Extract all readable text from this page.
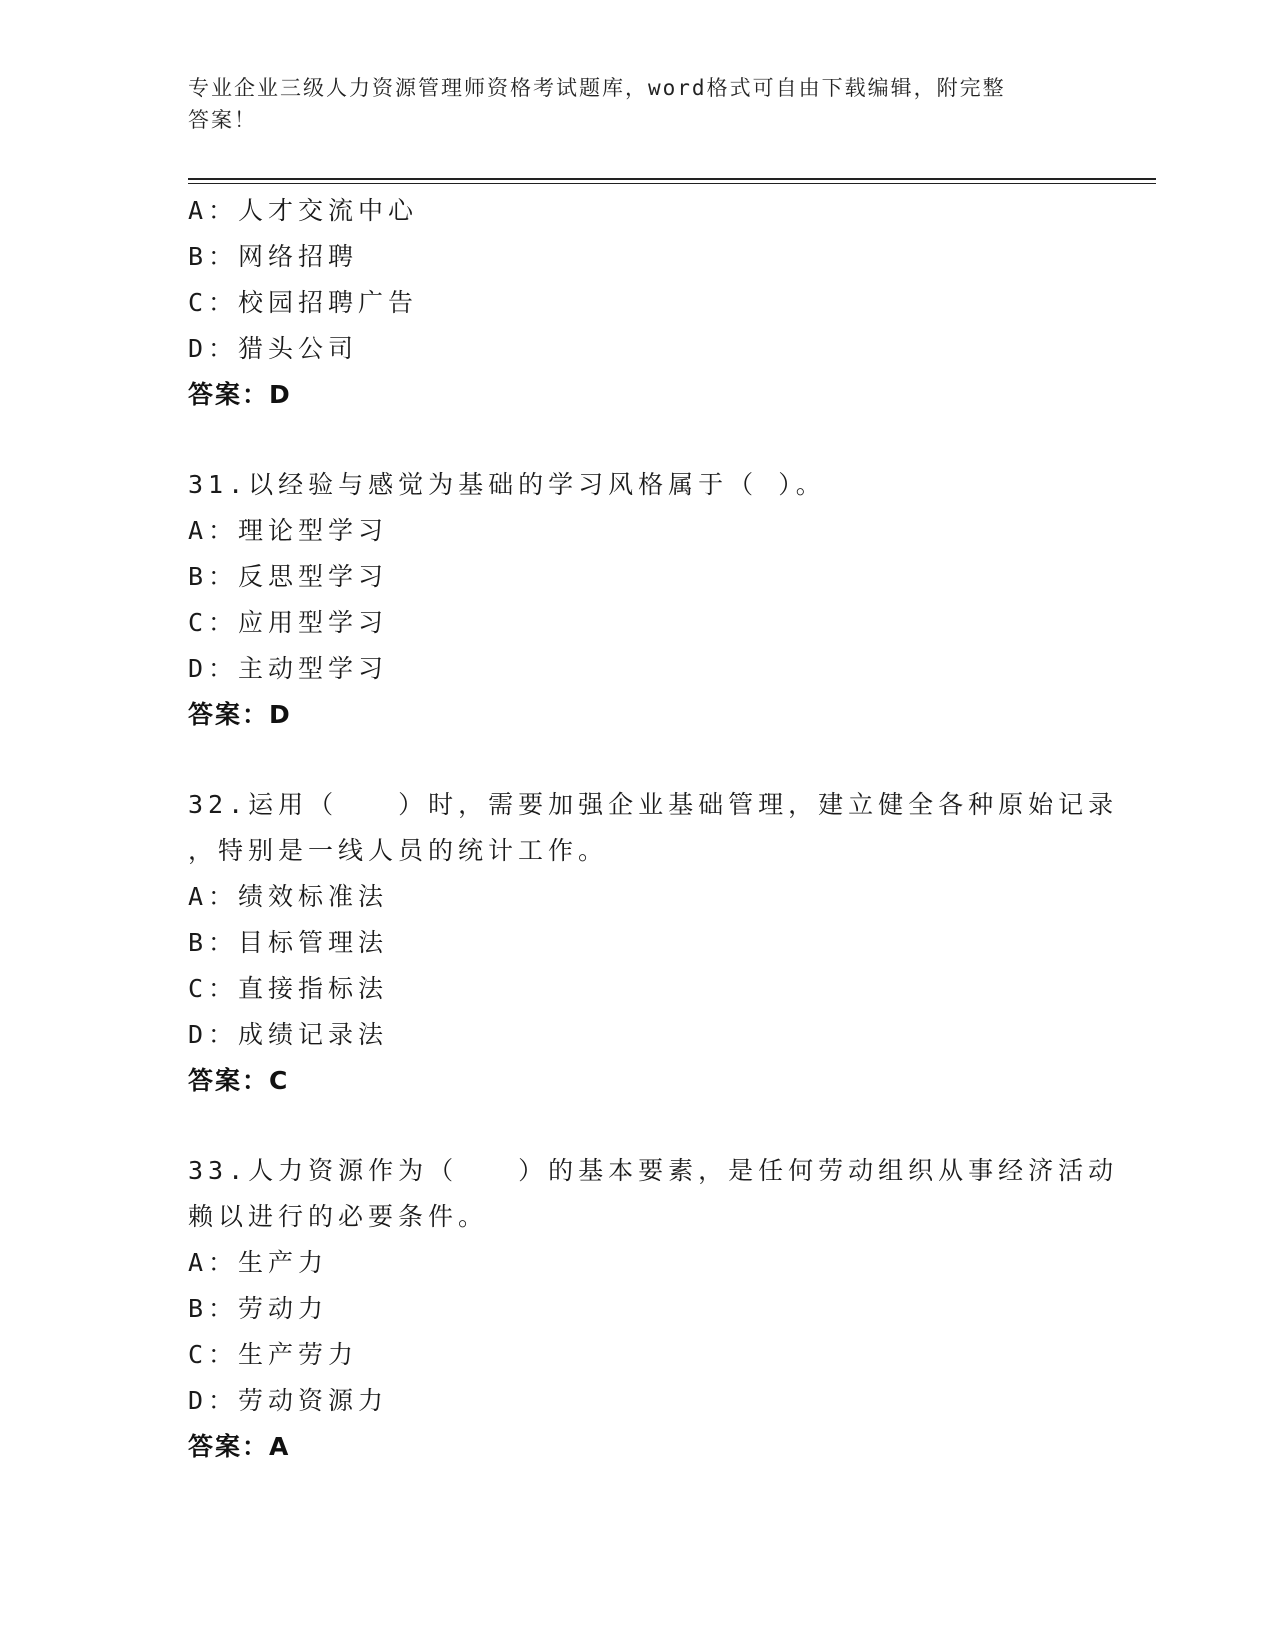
专业企业三级人力资源管理师资格考试题库，word格式可自由下载编辑，附完整
答案！
A：人才交流中心
B：网络招聘
C：校园招聘广告
D：猎头公司
答案：D
31.以经验与感觉为基础的学习风格属于（ ）。
A：理论型学习
B：反思型学习
C：应用型学习
D：主动型学习
答案：D
32.运用（　　）时，需要加强企业基础管理，建立健全各种原始记录
，特别是一线人员的统计工作。
A：绩效标准法
B：目标管理法
C：直接指标法
D：成绩记录法
答案：C
33.人力资源作为（　　）的基本要素，是任何劳动组织从事经济活动
赖以进行的必要条件。
A：生产力
B：劳动力
C：生产劳力
D：劳动资源力
答案：A
